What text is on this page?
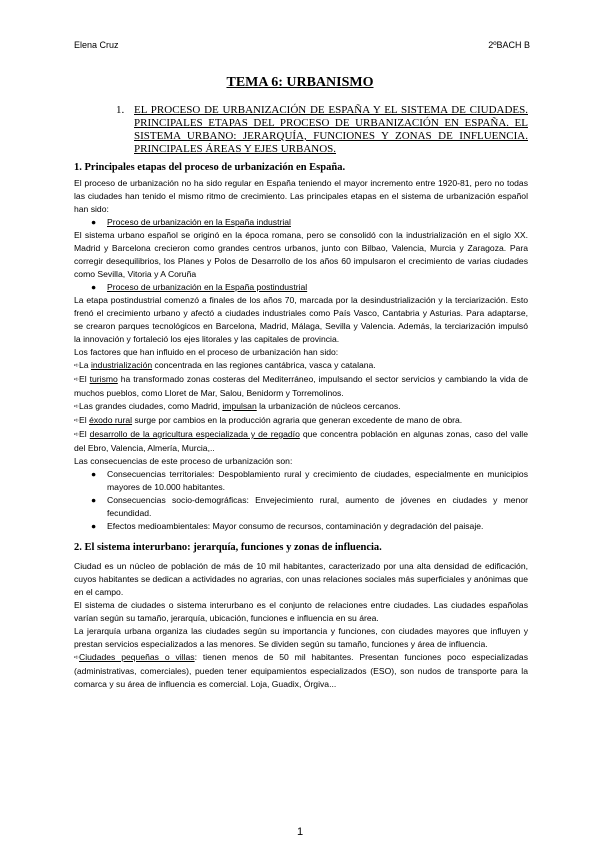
Elena Cruz	2ºBACH B
TEMA 6: URBANISMO
1. EL PROCESO DE URBANIZACIÓN DE ESPAÑA Y EL SISTEMA DE CIUDADES. PRINCIPALES ETAPAS DEL PROCESO DE URBANIZACIÓN EN ESPAÑA. EL SISTEMA URBANO: JERARQUÍA, FUNCIONES Y ZONAS DE INFLUENCIA. PRINCIPALES ÁREAS Y EJES URBANOS.
1. Principales etapas del proceso de urbanización en España.

El proceso de urbanización no ha sido regular en España teniendo el mayor incremento entre 1920-81, pero no todas las ciudades han tenido el mismo ritmo de crecimiento. Las principales etapas en el sistema de urbanización español han sido:

●	Proceso de urbanización en la España industrial

El sistema urbano español se originó en la época romana, pero se consolidó con la industrialización en el siglo XX. Madrid y Barcelona crecieron como grandes centros urbanos, junto con Bilbao, Valencia, Murcia y Zaragoza. Para corregir desequilibrios, los Planes y Polos de Desarrollo de los años 60 impulsaron el crecimiento de varias ciudades como Sevilla, Vitoria y A Coruña

●	Proceso de urbanización en la España postindustrial

La etapa postindustrial comenzó a finales de los años 70, marcada por la desindustrialización y la terciarización. Esto frenó el crecimiento urbano y afectó a ciudades industriales como País Vasco, Cantabria y Asturias. Para adaptarse, se crearon parques tecnológicos en Barcelona, Madrid, Málaga, Sevilla y Valencia. Además, la terciarización impulsó la innovación y fortaleció los ejes litorales y las capitales de provincia.

Los factores que han influido en el proceso de urbanización han sido:

➪La industrialización concentrada en las regiones cantábrica, vasca y catalana.

➪El turismo ha transformado zonas costeras del Mediterráneo, impulsando el sector servicios y cambiando la vida de muchos pueblos, como Lloret de Mar, Salou, Benidorm y Torremolinos.

➪Las grandes ciudades, como Madrid, impulsan la urbanización de núcleos cercanos.

➪El éxodo rural surge por cambios en la producción agraria que generan excedente de mano de obra.

➪El desarrollo de la agricultura especializada y de regadío que concentra población en algunas zonas, caso del valle del Ebro, Valencia, Almería, Murcia,..

Las consecuencias de este proceso de urbanización son:

●	Consecuencias territoriales: Despoblamiento rural y crecimiento de ciudades, especialmente en municipios mayores de 10.000 habitantes.

●	Consecuencias socio-demográficas: Envejecimiento rural, aumento de jóvenes en ciudades y menor fecundidad.

●	Efectos medioambientales: Mayor consumo de recursos, contaminación y degradación del paisaje.

2. El sistema interurbano: jerarquía, funciones y zonas de influencia.

Ciudad es un núcleo de población de más de 10 mil habitantes, caracterizado por una alta densidad de edificación, cuyos habitantes se dedican a actividades no agrarias, con unas relaciones sociales más superficiales y anónimas que en el campo.

El sistema de ciudades o sistema interurbano es el conjunto de relaciones entre ciudades. Las ciudades españolas varían según su tamaño, jerarquía, ubicación, funciones e influencia en su área.

La jerarquía urbana organiza las ciudades según su importancia y funciones, con ciudades mayores que influyen y prestan servicios especializados a las menores. Se dividen según su tamaño, funciones y área de influencia.

➪Ciudades pequeñas o villas: tienen menos de 50 mil habitantes. Presentan funciones poco especializadas (administrativas, comerciales), pueden tener equipamientos especializados (ESO), son nudos de transporte para la comarca y su área de influencia es comercial. Loja, Guadix, Órgiva...

1
